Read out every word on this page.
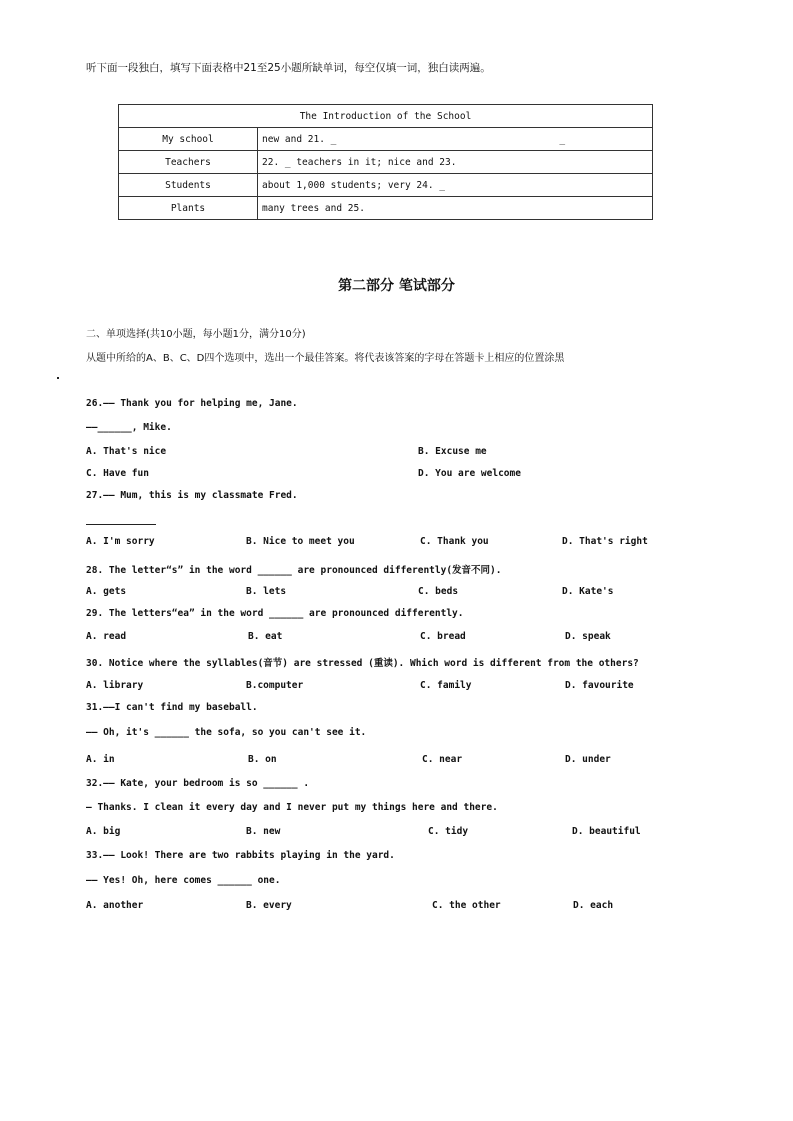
听下面一段独白，填写下面表格中21至25小题所缺单词，每空仅填一词，独白读两遍。
The Introduction of the School	
My school	new and 21. _                                       _
Teachers	22. _ teachers in it; nice and 23.
Students	about 1,000 students; very 24. _
Plants	many trees and 25.
第二部分 笔试部分
二、单项选择(共10小题，每小题1分，满分10分)
从题中所给的A、B、C、D四个选项中，选出一个最佳答案。将代表该答案的字母在答题卡上相应的位置涂黑
26.—— Thank you for helping me, Jane.
——______, Mike.
A. That's nice	B. Excuse me
C. Have fun	D. You are welcome
27.—— Mum, this is my classmate Fred.
A. I'm sorry	B. Nice to meet you	C. Thank you	D. That's right
28. The letter“s” in the word ______ are pronounced differently(发音不同).
A. gets	B. lets	C. beds	D. Kate's
29. The letters“ea” in the word ______ are pronounced differently.
A. read	B. eat	C. bread	D. speak
30. Notice where the syllables(音节) are stressed (重读). Which word is different from the others?
A. library	B.computer	C. family	D. favourite
31.——I can't find my baseball.
—— Oh, it's ______ the sofa, so you can't see it.
A. in	B. on	C. near	D. under
32.—— Kate, your bedroom is so ______ .
— Thanks. I clean it every day and I never put my things here and there.
A. big	B. new	C. tidy	D. beautiful
33.—— Look! There are two rabbits playing in the yard.
—— Yes! Oh, here comes ______ one.
A. another	B. every	C. the other	D. each
